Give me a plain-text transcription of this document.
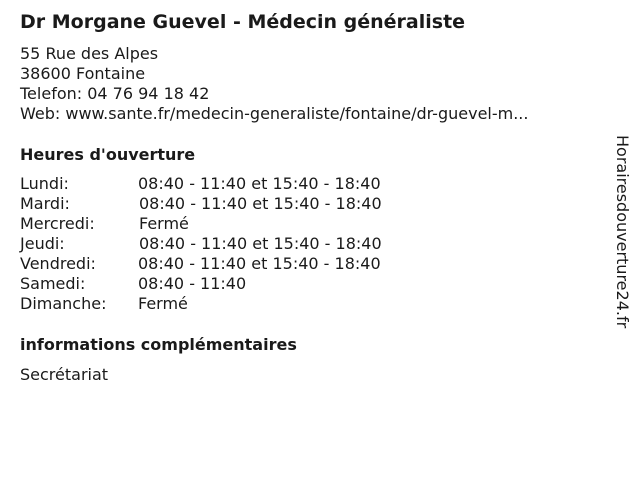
Dr Morgane Guevel - Médecin généraliste
55 Rue des Alpes
38600 Fontaine
Telefon: 04 76 94 18 42
Web: www.sante.fr/medecin-generaliste/fontaine/dr-guevel-m...
Heures d'ouverture
Lundi:	08:40 - 11:40 et 15:40 - 18:40
Mardi:	08:40 - 11:40 et 15:40 - 18:40
Mercredi:	Fermé
Jeudi:	08:40 - 11:40 et 15:40 - 18:40
Vendredi:	08:40 - 11:40 et 15:40 - 18:40
Samedi:	08:40 - 11:40
Dimanche: Fermé
informations complémentaires
Secrétariat
Horairesdouverture24.fr
